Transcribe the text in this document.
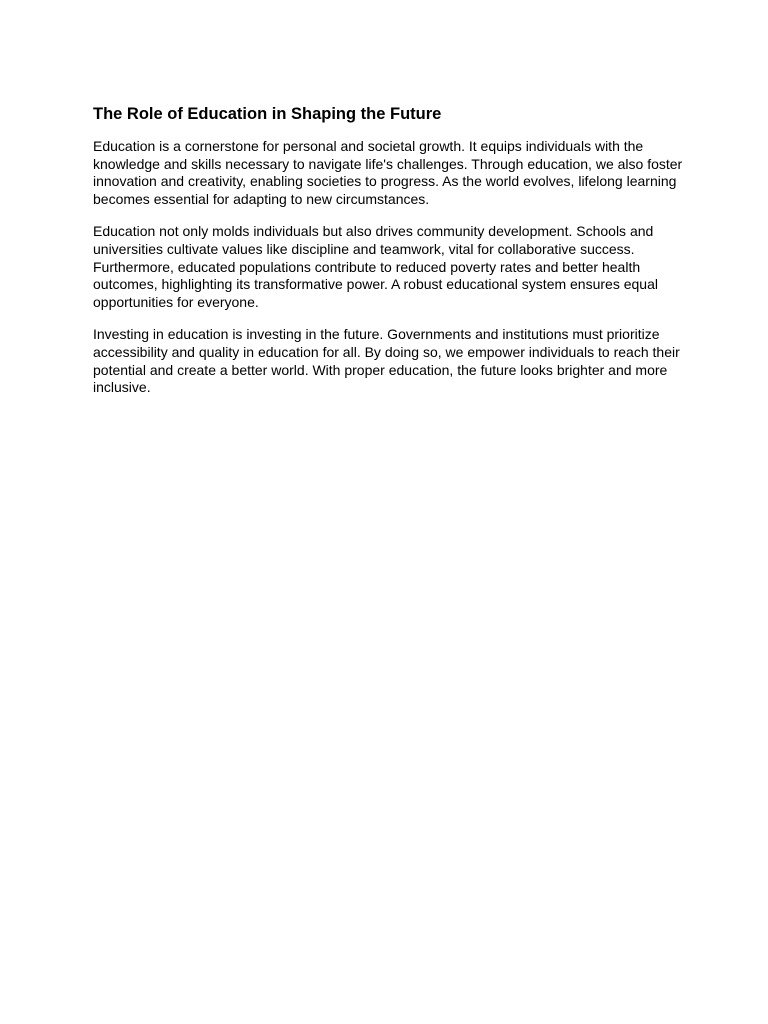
The Role of Education in Shaping the Future

Education is a cornerstone for personal and societal growth. It equips individuals with the knowledge and skills necessary to navigate life's challenges. Through education, we also foster innovation and creativity, enabling societies to progress. As the world evolves, lifelong learning becomes essential for adapting to new circumstances.

Education not only molds individuals but also drives community development. Schools and universities cultivate values like discipline and teamwork, vital for collaborative success. Furthermore, educated populations contribute to reduced poverty rates and better health outcomes, highlighting its transformative power. A robust educational system ensures equal opportunities for everyone.

Investing in education is investing in the future. Governments and institutions must prioritize accessibility and quality in education for all. By doing so, we empower individuals to reach their potential and create a better world. With proper education, the future looks brighter and more inclusive.
